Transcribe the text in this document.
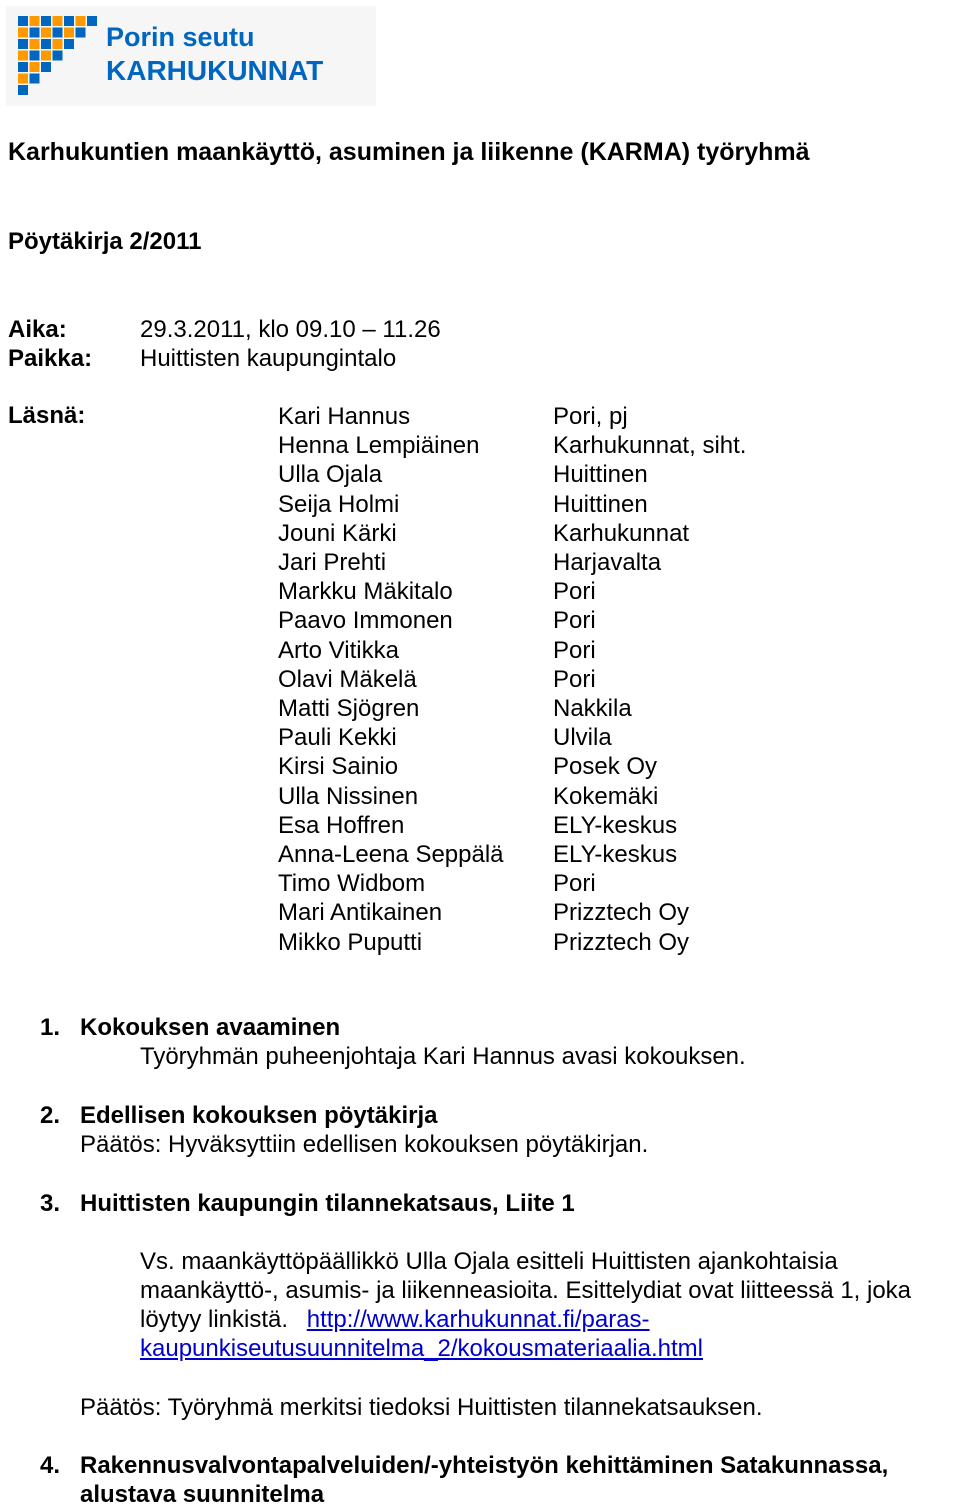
Porin seutu
KARHUKUNNAT
Karhukuntien maankäyttö, asuminen ja liikenne (KARMA) työryhmä
Pöytäkirja 2/2011
Aika:	29.3.2011, klo 09.10 – 11.26
Paikka: Huittisten kaupungintalo
Läsnä:	Kari Hannus
Henna Lempiäinen
Ulla Ojala
Seija Holmi
Jouni Kärki
Jari Prehti
Markku Mäkitalo
Paavo Immonen
Arto Vitikka
Olavi Mäkelä
Matti Sjögren
Pauli Kekki
Kirsi Sainio
Ulla Nissinen
Esa Hoffren
Anna-Leena Seppälä
Timo Widbom
Mari Antikainen
Mikko Puputti
Pori, pj
Karhukunnat, siht.
Huittinen
Huittinen
Karhukunnat
Harjavalta
Pori
Pori
Pori
Pori
Nakkila
Ulvila
Posek Oy
Kokemäki
ELY-keskus
ELY-keskus
Pori
Prizztech Oy
Prizztech Oy
1. Kokouksen avaaminen
Työryhmän puheenjohtaja Kari Hannus avasi kokouksen.
2. Edellisen kokouksen pöytäkirja
Päätös: Hyväksyttiin edellisen kokouksen pöytäkirjan.
3. Huittisten kaupungin tilannekatsaus, Liite 1
Vs. maankäyttöpäällikkö Ulla Ojala esitteli Huittisten ajankohtaisia
maankäyttö-, asumis- ja liikenneasioita. Esittelydiat ovat liitteessä 1, joka
löytyy linkistä. http://www.karhukunnat.fi/paras-
kaupunkiseutusuunnitelma_2/kokousmateriaalia.html
Päätös: Työryhmä merkitsi tiedoksi Huittisten tilannekatsauksen.
4. Rakennusvalvontapalveluiden/-yhteistyön kehittäminen Satakunnassa,
alustava suunnitelma
